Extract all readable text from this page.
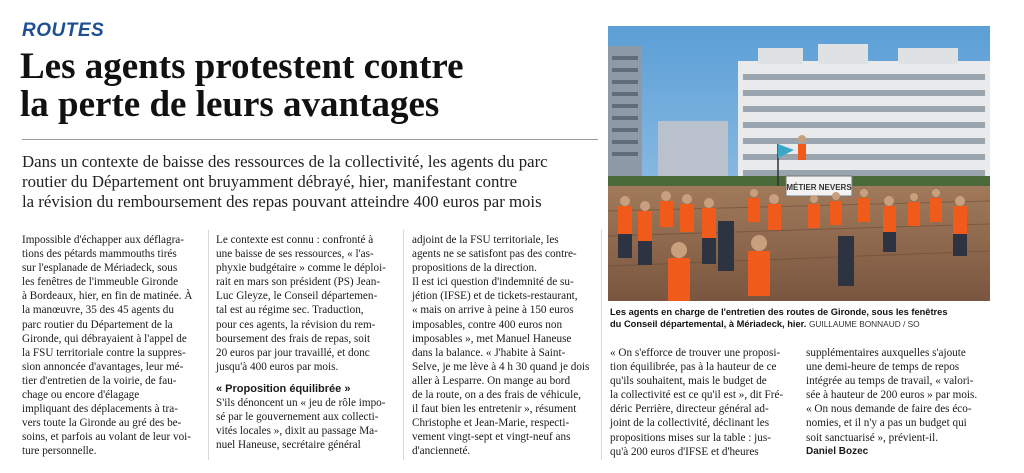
ROUTES
Les agents protestent contre
la perte de leurs avantages
MÉTIER NEVERS
Les agents en charge de l'entretien des routes de Gironde, sous les fenêtres
du Conseil départemental, à Mériadeck, hier. GUILLAUME BONNAUD / SO
Dans un contexte de baisse des ressources de la collectivité, les agents du parc
routier du Département ont bruyamment débrayé, hier, manifestant contre
la révision du remboursement des repas pouvant atteindre 400 euros par mois
Impossible d'échapper aux déflagra-
tions des pétards mammouths tirés
sur l'esplanade de Mériadeck, sous
les fenêtres de l'immeuble Gironde
à Bordeaux, hier, en fin de matinée. À
la manœuvre, 35 des 45 agents du
parc routier du Département de la
Gironde, qui débrayaient à l'appel de
la FSU territoriale contre la suppres-
sion annoncée d'avantages, leur mé-
tier d'entretien de la voirie, de fau-
chage ou encore d'élagage
impliquant des déplacements à tra-
vers toute la Gironde au gré des be-
soins, et parfois au volant de leur voi-
ture personnelle.
Le contexte est connu : confronté à
une baisse de ses ressources, « l'as-
phyxie budgétaire » comme le déploi-
rait en mars son président (PS) Jean-
Luc Gleyze, le Conseil départemen-
tal est au régime sec. Traduction,
pour ces agents, la révision du rem-
boursement des frais de repas, soit
20 euros par jour travaillé, et donc
jusqu'à 400 euros par mois.
« Proposition équilibrée »
S'ils dénoncent un « jeu de rôle impo-
sé par le gouvernement aux collecti-
vités locales », dixit au passage Ma-
nuel Haneuse, secrétaire général
adjoint de la FSU territoriale, les
agents ne se satisfont pas des contre-
propositions de la direction.
Il est ici question d'indemnité de su-
jétion (IFSE) et de tickets-restaurant,
« mais on arrive à peine à 150 euros
imposables, contre 400 euros non
imposables », met Manuel Haneuse
dans la balance. « J'habite à Saint-
Selve, je me lève à 4 h 30 quand je dois
aller à Lesparre. On mange au bord
de la route, on a des frais de véhicule,
il faut bien les entretenir », résument
Christophe et Jean-Marie, respecti-
vement vingt-sept et vingt-neuf ans
d'ancienneté.
« On s'efforce de trouver une proposi-
tion équilibrée, pas à la hauteur de ce
qu'ils souhaitent, mais le budget de
la collectivité est ce qu'il est », dit Fré-
déric Perrière, directeur général ad-
joint de la collectivité, déclinant les
propositions mises sur la table : jus-
qu'à 200 euros d'IFSE et d'heures
supplémentaires auxquelles s'ajoute
une demi-heure de temps de repos
intégrée au temps de travail, « valori-
sée à hauteur de 200 euros » par mois.
« On nous demande de faire des éco-
nomies, et il n'y a pas un budget qui
soit sanctuarisé », prévient-il.
Daniel Bozec
